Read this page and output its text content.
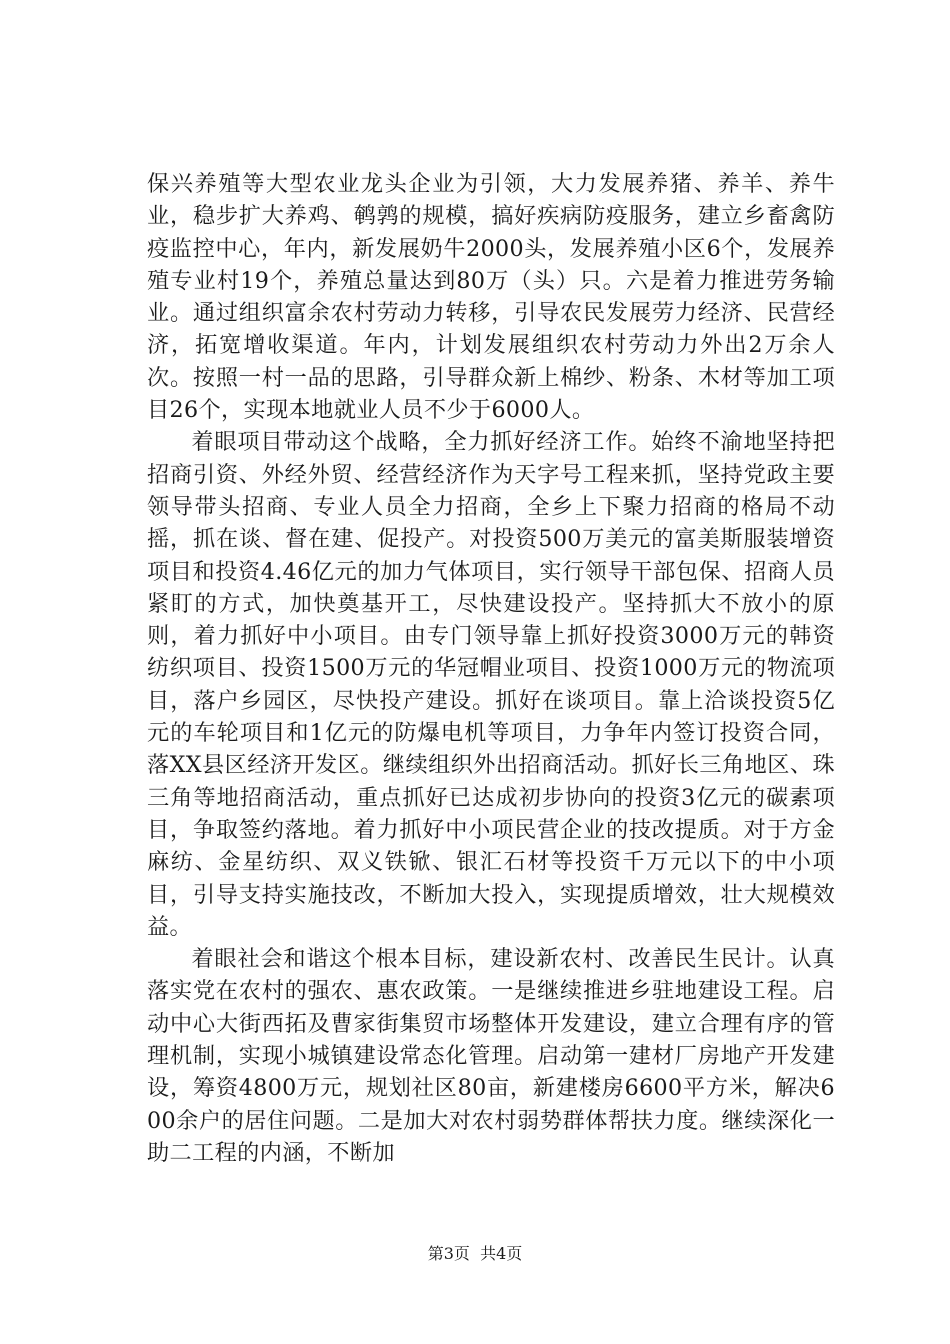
保兴养殖等大型农业龙头企业为引领，大力发展养猪、养羊、养牛业，稳步扩大养鸡、鹌鹑的规模，搞好疾病防疫服务，建立乡畜禽防疫监控中心，年内，新发展奶牛2000头，发展养殖小区6个，发展养殖专业村19个，养殖总量达到80万（头）只。六是着力推进劳务输业。通过组织富余农村劳动力转移，引导农民发展劳力经济、民营经济，拓宽增收渠道。年内，计划发展组织农村劳动力外出2万余人次。按照一村一品的思路，引导群众新上棉纱、粉条、木材等加工项目26个，实现本地就业人员不少于6000人。

着眼项目带动这个战略，全力抓好经济工作。始终不渝地坚持把招商引资、外经外贸、经营经济作为天字号工程来抓，坚持党政主要领导带头招商、专业人员全力招商，全乡上下聚力招商的格局不动摇，抓在谈、督在建、促投产。对投资500万美元的富美斯服装增资项目和投资4.46亿元的加力气体项目，实行领导干部包保、招商人员紧盯的方式，加快奠基开工，尽快建设投产。坚持抓大不放小的原则，着力抓好中小项目。由专门领导靠上抓好投资3000万元的韩资纺织项目、投资1500万元的华冠帽业项目、投资1000万元的物流项目，落户乡园区，尽快投产建设。抓好在谈项目。靠上洽谈投资5亿元的车轮项目和1亿元的防爆电机等项目，力争年内签订投资合同，落XX县区经济开发区。继续组织外出招商活动。抓好长三角地区、珠三角等地招商活动，重点抓好已达成初步协向的投资3亿元的碳素项目，争取签约落地。着力抓好中小项民营企业的技改提质。对于方金麻纺、金星纺织、双义铁锨、银汇石材等投资千万元以下的中小项目，引导支持实施技改，不断加大投入，实现提质增效，壮大规模效益。

着眼社会和谐这个根本目标，建设新农村、改善民生民计。认真落实党在农村的强农、惠农政策。一是继续推进乡驻地建设工程。启动中心大街西拓及曹家街集贸市场整体开发建设，建立合理有序的管理机制，实现小城镇建设常态化管理。启动第一建材厂房地产开发建设，筹资4800万元，规划社区80亩，新建楼房6600平方米，解决600余户的居住问题。二是加大对农村弱势群体帮扶力度。继续深化一助二工程的内涵，不断加

第3页  共4页
